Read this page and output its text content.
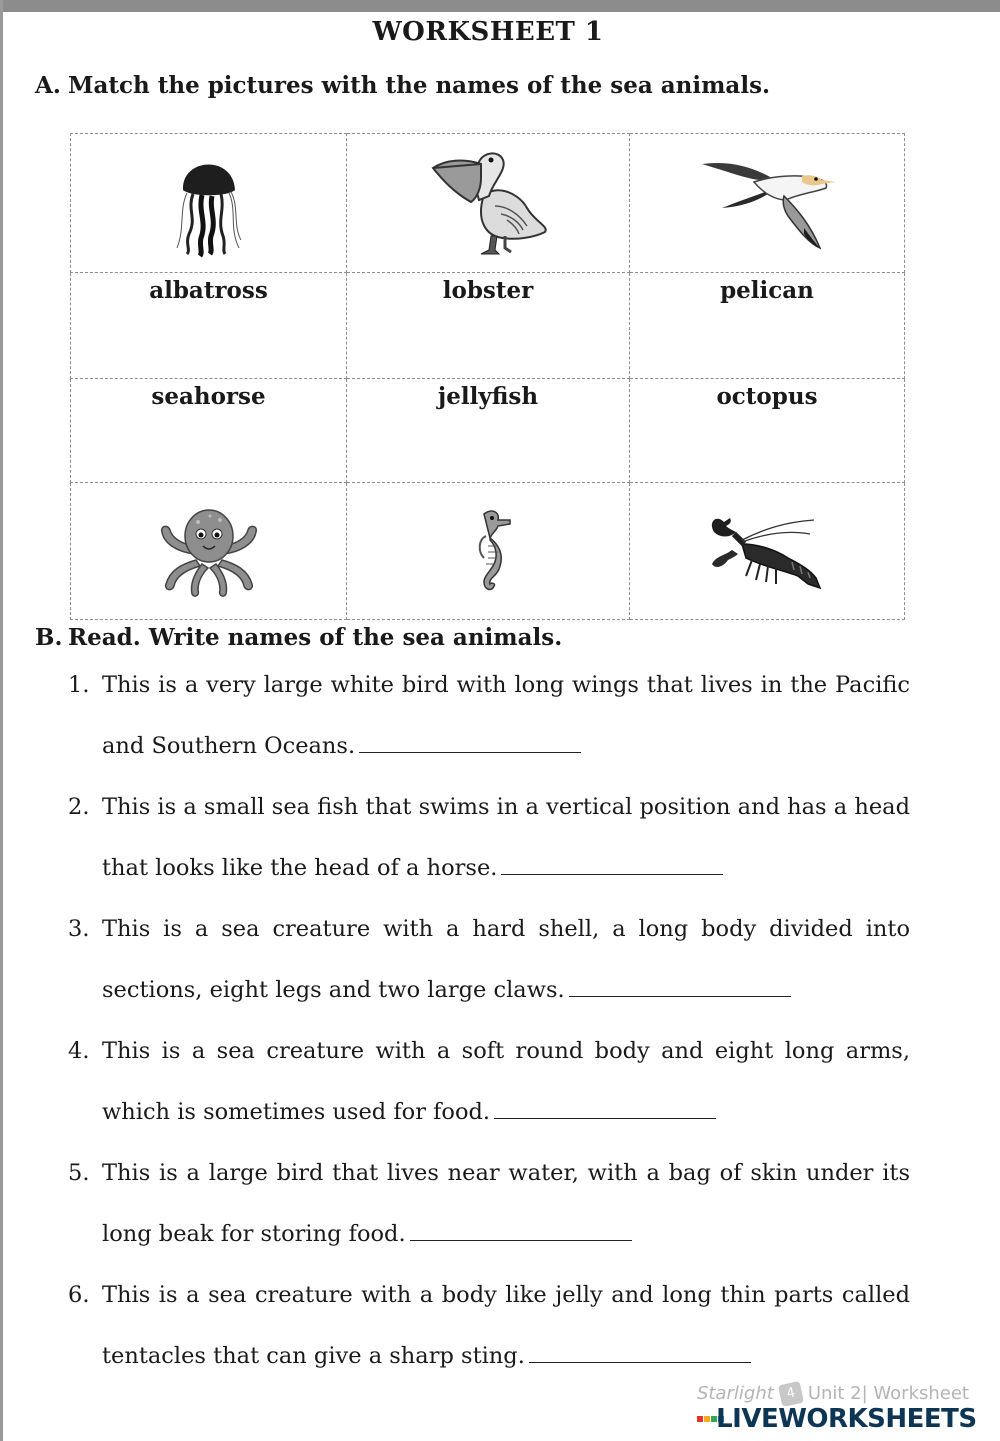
WORKSHEET 1
A. Match the pictures with the names of the sea animals.

albatross	lobster	pelican
seahorse	jellyfish	octopus

B. Read. Write names of the sea animals.
1. This is a very large white bird with long wings that lives in the Pacific and Southern Oceans.
2. This is a small sea fish that swims in a vertical position and has a head that looks like the head of a horse.
3. This is a sea creature with a hard shell, a long body divided into sections, eight legs and two large claws.
4. This is a sea creature with a soft round body and eight long arms, which is sometimes used for food.
5. This is a large bird that lives near water, with a bag of skin under its long beak for storing food.
6. This is a sea creature with a body like jelly and long thin parts called tentacles that can give a sharp sting.
Starlight 4 Unit 2| Worksheet
LIVEWORKSHEETS
